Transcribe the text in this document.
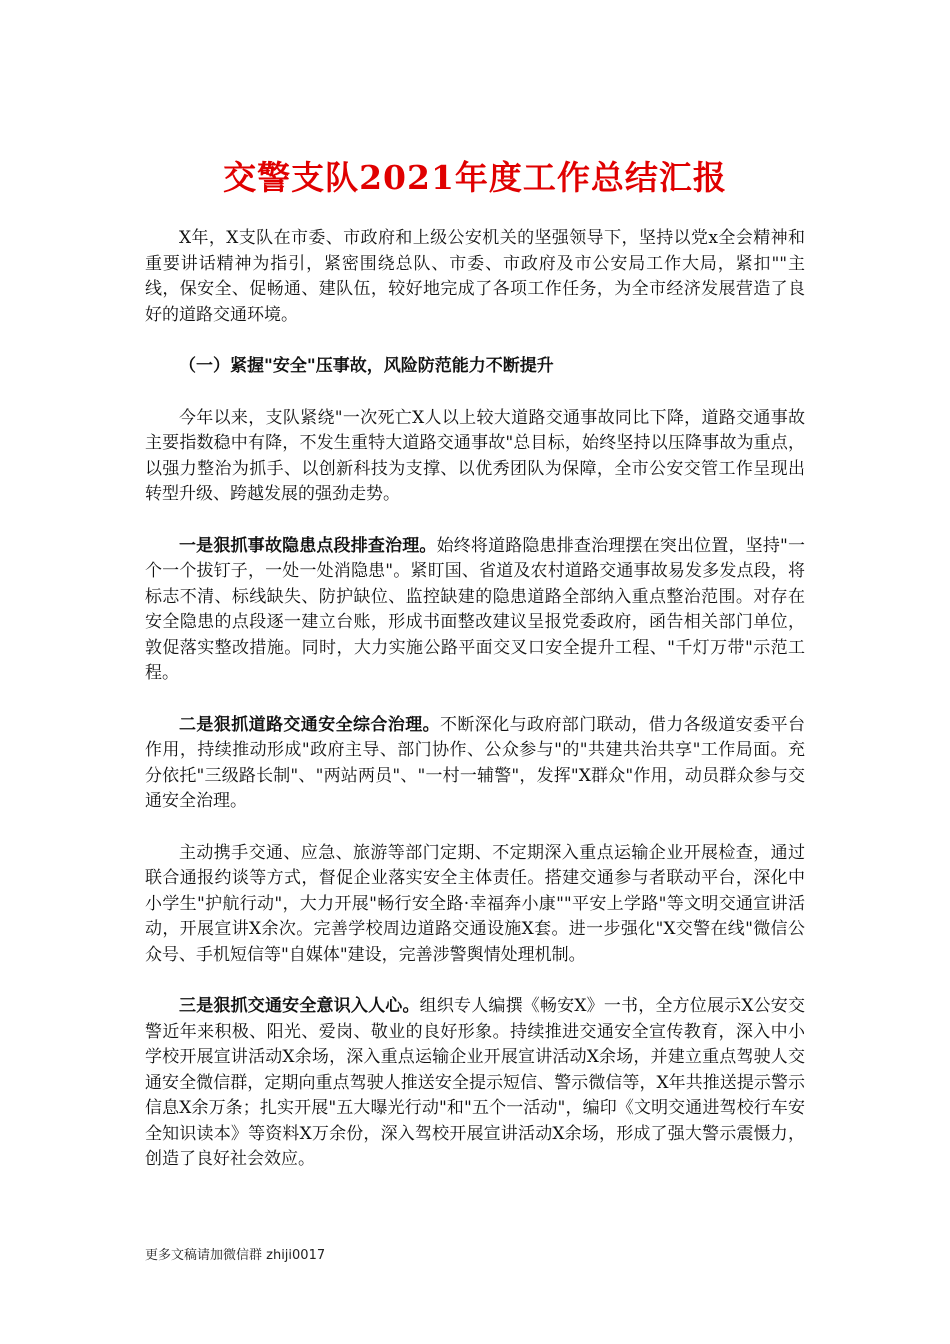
交警支队2021年度工作总结汇报

X年，X支队在市委、市政府和上级公安机关的坚强领导下，坚持以党x全会精神和 重要讲话精神为指引，紧密围绕总队、市委、市政府及市公安局工作大局，紧扣""主线，保安全、促畅通、建队伍，较好地完成了各项工作任务，为全市经济发展营造了良好的道路交通环境。

（一）紧握"安全"压事故，风险防范能力不断提升

今年以来，支队紧绕"一次死亡X人以上较大道路交通事故同比下降，道路交通事故主要指数稳中有降，不发生重特大道路交通事故"总目标，始终坚持以压降事故为重点，以强力整治为抓手、以创新科技为支撑、以优秀团队为保障，全市公安交管工作呈现出转型升级、跨越发展的强劲走势。

一是狠抓事故隐患点段排查治理。始终将道路隐患排查治理摆在突出位置，坚持"一个一个拔钉子，一处一处消隐患"。紧盯国、省道及农村道路交通事故易发多发点段，将标志不清、标线缺失、防护缺位、监控缺建的隐患道路全部纳入重点整治范围。对存在安全隐患的点段逐一建立台账，形成书面整改建议呈报党委政府，函告相关部门单位，敦促落实整改措施。同时，大力实施公路平面交叉口安全提升工程、"千灯万带"示范工程。

二是狠抓道路交通安全综合治理。不断深化与政府部门联动，借力各级道安委平台作用，持续推动形成"政府主导、部门协作、公众参与"的"共建共治共享"工作局面。充分依托"三级路长制"、"两站两员"、"一村一辅警"，发挥"X群众"作用，动员群众参与交通安全治理。

主动携手交通、应急、旅游等部门定期、不定期深入重点运输企业开展检查，通过联合通报约谈等方式，督促企业落实安全主体责任。搭建交通参与者联动平台，深化中小学生"护航行动"，大力开展"畅行安全路·幸福奔小康""平安上学路"等文明交通宣讲活动，开展宣讲X余次。完善学校周边道路交通设施X套。进一步强化"X交警在线"微信公众号、手机短信等"自媒体"建设，完善涉警舆情处理机制。

三是狠抓交通安全意识入人心。组织专人编撰《畅安X》一书，全方位展示X公安交警近年来积极、阳光、爱岗、敬业的良好形象。持续推进交通安全宣传教育，深入中小学校开展宣讲活动X余场，深入重点运输企业开展宣讲活动X余场，并建立重点驾驶人交通安全微信群，定期向重点驾驶人推送安全提示短信、警示微信等，X年共推送提示警示信息X余万条；扎实开展"五大曝光行动"和"五个一活动"，编印《文明交通进驾校行车安全知识读本》等资料X万余份，深入驾校开展宣讲活动X余场，形成了强大警示震慑力，创造了良好社会效应。

更多文稿请加微信群 zhiji0017
